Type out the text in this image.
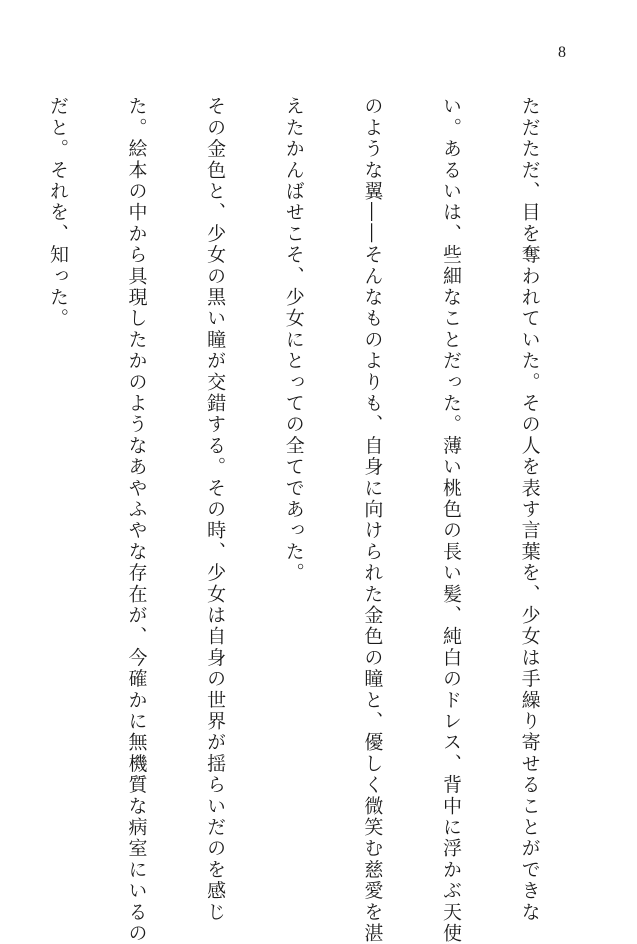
8

ただただ、目を奪われていた。その人を表す言葉を、少女は手繰り寄せることができな

い。あるいは、些細なことだった。薄い桃色の長い髪、純白のドレス、背中に浮かぶ天使

のような翼――そんなものよりも、自身に向けられた金色の瞳と、優しく微笑む慈愛を湛

えたかんばせこそ、少女にとっての全てであった。

その金色と、少女の黒い瞳が交錯する。その時、少女は自身の世界が揺らいだのを感じ

た。絵本の中から具現したかのようなあやふやな存在が、今確かに無機質な病室にいるの

だと。それを、知った。
